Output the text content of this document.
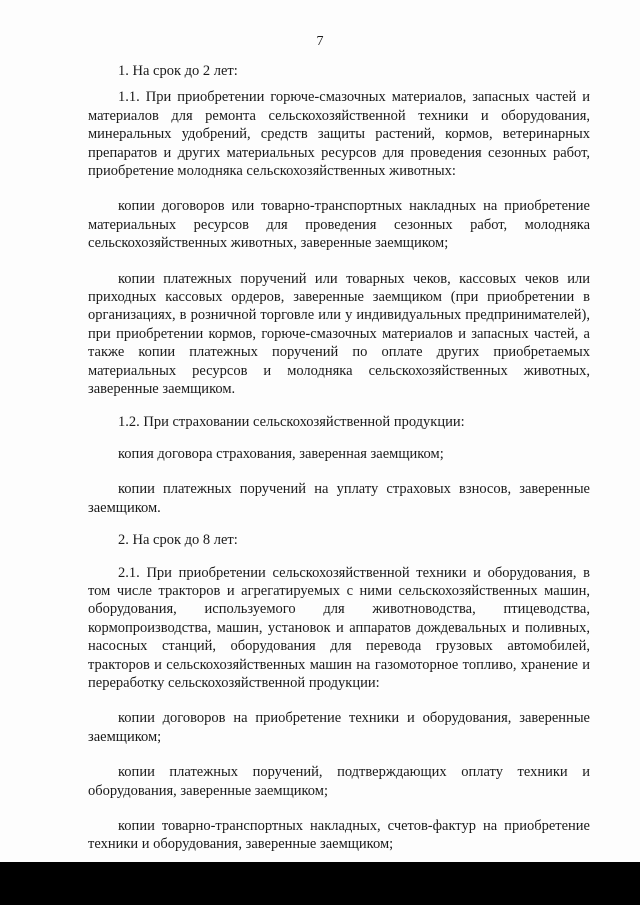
7

1. На срок до 2 лет:

1.1. При приобретении горюче-смазочных материалов, запасных частей и материалов для ремонта сельскохозяйственной техники и оборудования, минеральных удобрений, средств защиты растений, кормов, ветеринарных препаратов и других материальных ресурсов для проведения сезонных работ, приобретение молодняка сельскохозяйственных животных:

копии договоров или товарно-транспортных накладных на приобретение материальных ресурсов для проведения сезонных работ, молодняка сельскохозяйственных животных, заверенные заемщиком;

копии платежных поручений или товарных чеков, кассовых чеков или приходных кассовых ордеров, заверенные заемщиком (при приобретении в организациях, в розничной торговле или у индивидуальных предпринимателей), при приобретении кормов, горюче-смазочных материалов и запасных частей, а также копии платежных поручений по оплате других приобретаемых материальных ресурсов и молодняка сельскохозяйственных животных, заверенные заемщиком.

1.2. При страховании сельскохозяйственной продукции:

копия договора страхования, заверенная заемщиком;

копии платежных поручений на уплату страховых взносов, заверенные заемщиком.

2. На срок до 8 лет:

2.1. При приобретении сельскохозяйственной техники и оборудования, в том числе тракторов и агрегатируемых с ними сельскохозяйственных машин, оборудования, используемого для животноводства, птицеводства, кормопроизводства, машин, установок и аппаратов дождевальных и поливных, насосных станций, оборудования для перевода грузовых автомобилей, тракторов и сельскохозяйственных машин на газомоторное топливо, хранение и переработку сельскохозяйственной продукции:

копии договоров на приобретение техники и оборудования, заверенные заемщиком;

копии платежных поручений, подтверждающих оплату техники и оборудования, заверенные заемщиком;

копии товарно-транспортных накладных, счетов-фактур на приобретение техники и оборудования, заверенные заемщиком;
